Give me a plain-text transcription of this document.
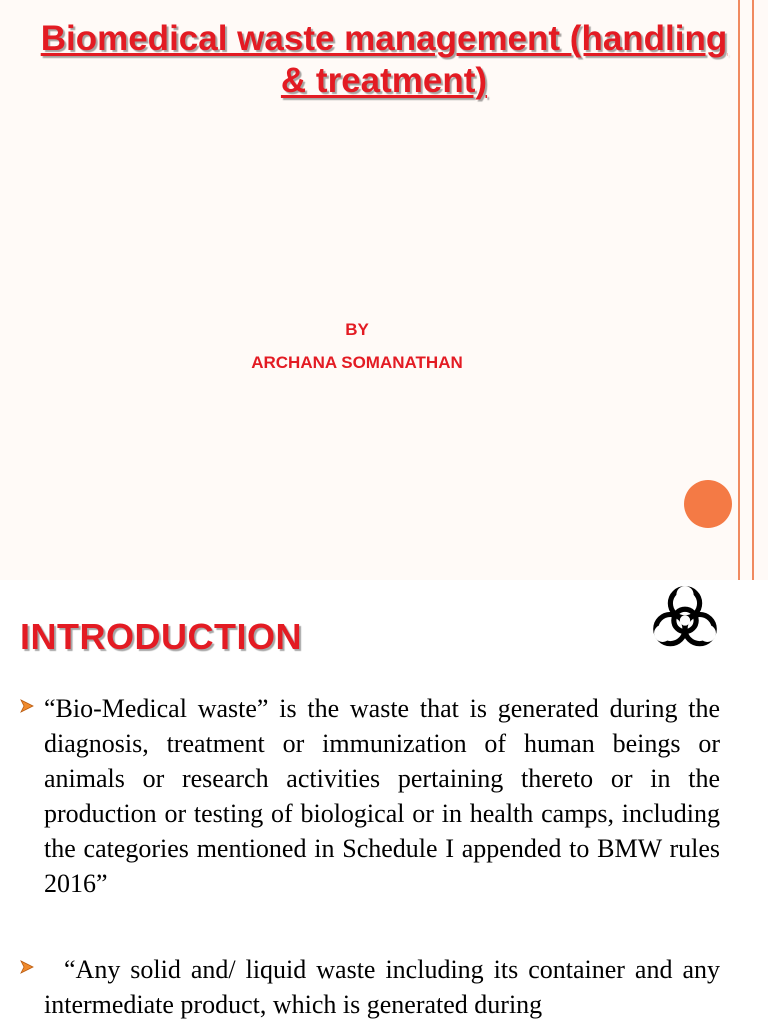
Biomedical waste management (handling & treatment)

BY

ARCHANA SOMANATHAN

INTRODUCTION
“Bio-Medical waste” is the waste that is generated during the diagnosis, treatment or immunization of human beings or animals or research activities pertaining thereto or in the production or testing of biological or in health camps, including the categories mentioned in Schedule I appended to BMW rules 2016”
“Any solid and/ liquid waste including its container and any intermediate product, which is generated during
